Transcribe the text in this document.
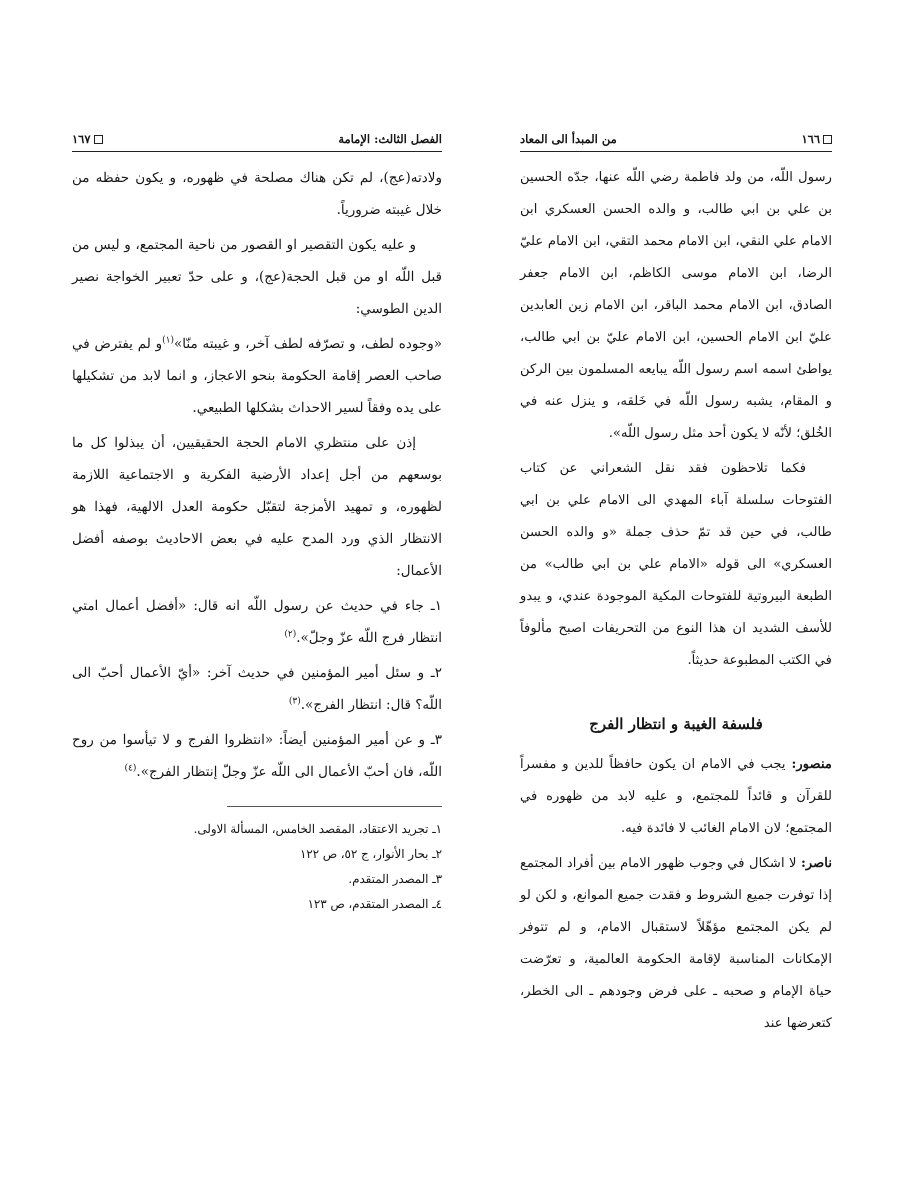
١٦٧	الفصل الثالث: الإمامة

ولادته(عج)، لم تكن هناك مصلحة في ظهوره، و يكون حفظه من خلال غيبته ضرورياً.

و عليه يكون التقصير او القصور من ناحية المجتمع، و ليس من قبل اللّه او من قبل الحجة(عج)، و على حدّ تعبير الخواجة نصير الدين الطوسي:

«وجوده لطف، و تصرّفه لطف آخر، و غيبته منّا»$^{(١)}$و لم يفترض في صاحب العصر إقامة الحكومة بنحو الاعجاز، و انما لابد من تشكيلها على يده وفقاً لسير الاحداث بشكلها الطبيعي.

إذن على منتظري الامام الحجة الحقيقيين، أن يبذلوا كل ما بوسعهم من أجل إعداد الأرضية الفكرية و الاجتماعية اللازمة لظهوره، و تمهيد الأمزجة لتقبّل حكومة العدل الالهية، فهذا هو الانتظار الذي ورد المدح عليه في بعض الاحاديث بوصفه أفضل الأعمال:

١ـ جاء في حديث عن رسول اللّه انه قال: «أفضل أعمال امتي انتظار فرج اللّه عزّ وجلّ».$^{(٢)}$

٢ـ و سئل أمير المؤمنين في حديث آخر: «أيّ الأعمال أحبّ الى اللّه؟ قال: انتظار الفرج».$^{(٣)}$

٣ـ و عن أمير المؤمنين أيضاً: «انتظروا الفرج و لا تيأسوا من روح اللّه، فان أحبّ الأعمال الى اللّه عزّ وجلّ إنتظار الفرج».$^{(٤)}$

١ـ تجريد الاعتقاد، المقصد الخامس، المسألة الاولى.

٢ـ بحار الأنوار، ج ٥٢، ص ١٢٢

٣ـ المصدر المتقدم.

٤ـ المصدر المتقدم، ص ١٢٣

من المبدأ الى المعاد	١٦٦

رسول اللّه، من ولد فاطمة رضي اللّه عنها، جدّه الحسين بن علي بن ابي طالب، و والده الحسن العسكري ابن الامام علي النقي، ابن الامام محمد التقي، ابن الامام عليّ الرضا، ابن الامام موسى الكاظم، ابن الامام جعفر الصادق، ابن الامام محمد الباقر، ابن الامام زين العابدين عليّ ابن الامام الحسين، ابن الامام عليّ بن ابي طالب، يواطئ اسمه اسم رسول اللّه يبايعه المسلمون بين الركن و المقام، يشبه رسول اللّه في خَلقه، و ينزل عنه في الخُلق؛ لأنّه لا يكون أحد مثل رسول اللّه».

فكما تلاحظون فقد نقل الشعراني عن كتاب الفتوحات سلسلة آباء المهدي الى الامام علي بن ابي طالب، في حين قد تمّ حذف جملة «و والده الحسن العسكري» الى قوله «الامام علي بن ابي طالب» من الطبعة البيروتية للفتوحات المكية الموجودة عندي، و يبدو للأسف الشديد ان هذا النوع من التحريفات اصبح مألوفاً في الكتب المطبوعة حديثاً.

فلسفة الغيبة و انتظار الفرج

منصور: يجب في الامام ان يكون حافظاً للدين و مفسراً للقرآن و قائداً للمجتمع، و عليه لابد من ظهوره في المجتمع؛ لان الامام الغائب لا فائدة فيه.

ناصر: لا اشكال في وجوب ظهور الامام بين أفراد المجتمع إذا توفرت جميع الشروط و فقدت جميع الموانع، و لكن لو لم يكن المجتمع مؤهّلاً لاستقبال الامام، و لم تتوفر الإمكانات المناسبة لإقامة الحكومة العالمية، و تعرّضت حياة الإمام و صحبه ـ على فرض وجودهم ـ الى الخطر، كتعرضها عند
